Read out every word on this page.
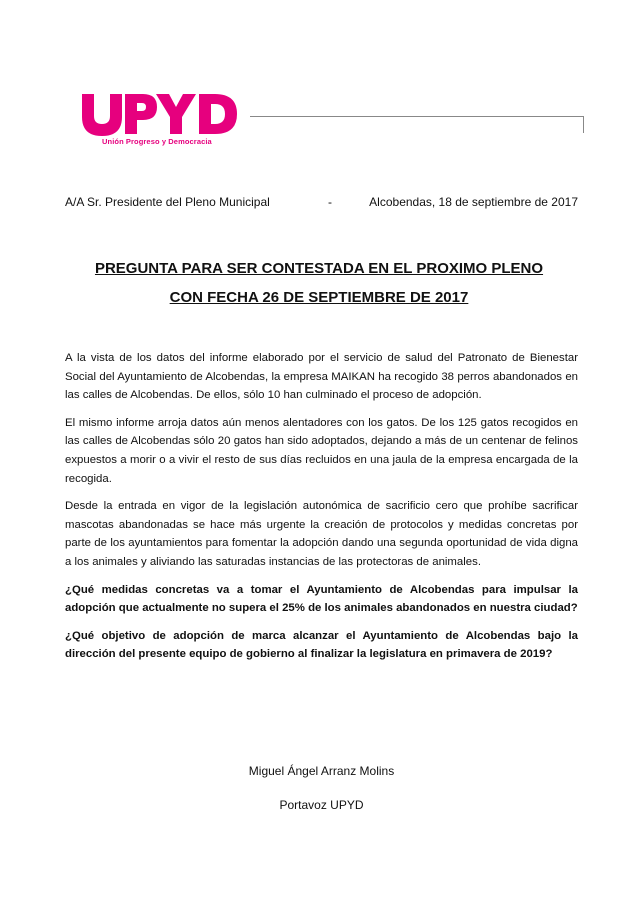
Unión Progreso y Democracia
A/A Sr. Presidente del Pleno Municipal	-	Alcobendas, 18 de septiembre de 2017
PREGUNTA PARA SER CONTESTADA EN EL PROXIMO PLENO
CON FECHA 26 DE SEPTIEMBRE DE 2017

A la vista de los datos del informe elaborado por el servicio de salud del Patronato de Bienestar Social del Ayuntamiento de Alcobendas, la empresa MAIKAN ha recogido 38 perros abandonados en las calles de Alcobendas. De ellos, sólo 10 han culminado el proceso de adopción.

El mismo informe arroja datos aún menos alentadores con los gatos. De los 125 gatos recogidos en las calles de Alcobendas sólo 20 gatos han sido adoptados, dejando a más de un centenar de felinos expuestos a morir o a vivir el resto de sus días recluidos en una jaula de la empresa encargada de la recogida.

Desde la entrada en vigor de la legislación autonómica de sacrificio cero que prohíbe sacrificar mascotas abandonadas se hace más urgente la creación de protocolos y medidas concretas por parte de los ayuntamientos para fomentar la adopción dando una segunda oportunidad de vida digna a los animales y aliviando las saturadas instancias de las protectoras de animales.

¿Qué medidas concretas va a tomar el Ayuntamiento de Alcobendas para impulsar la adopción que actualmente no supera el 25% de los animales abandonados en nuestra ciudad?

¿Qué objetivo de adopción de marca alcanzar el Ayuntamiento de Alcobendas bajo la dirección del presente equipo de gobierno al finalizar la legislatura en primavera de 2019?

Miguel Ángel Arranz Molins
Portavoz UPYD
